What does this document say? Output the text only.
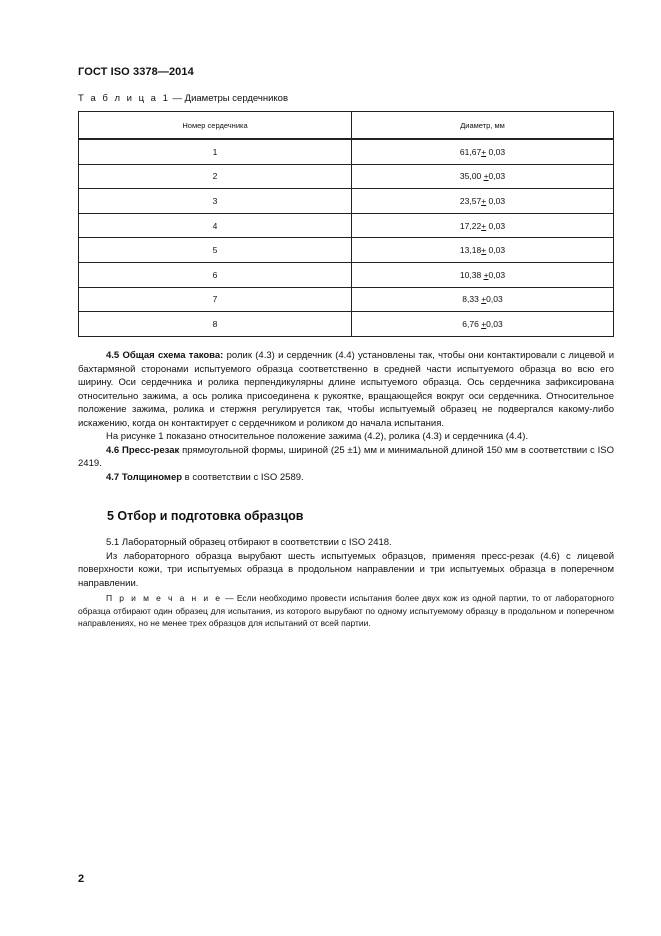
ГОСТ ISO 3378—2014
Т а б л и ц а 1 — Диаметры сердечников
Номер сердечника	Диаметр, мм
1	61,67+ 0,03
2	35,00 +0,03
3	23,57+ 0,03
4	17,22+ 0,03
5	13,18+ 0,03
6	10,38 +0,03
7	8,33 +0,03
8	6,76 +0,03

4.5 Общая схема такова: ролик (4.3) и сердечник (4.4) установлены так, чтобы они контактировали с лицевой и бахтармяной сторонами испытуемого образца соответственно в средней части испытуемого образца во всю его ширину. Оси сердечника и ролика перпендикулярны длине испытуемого образца. Ось сердечника зафиксирована относительно зажима, а ось ролика присоединена к рукоятке, вращающейся вокруг оси сердечника. Относительное положение зажима, ролика и стержня регулируется так, чтобы испытуемый образец не подвергался какому-либо искажению, когда он контактирует с сердечником и роликом до начала испытания.

На рисунке 1 показано относительное положение зажима (4.2), ролика (4.3) и сердечника (4.4).

4.6 Пресс-резак прямоугольной формы, шириной (25 ±1) мм и минимальной длиной 150 мм в соответствии с ISO 2419.

4.7 Толщиномер в соответствии с ISO 2589.

5 Отбор и подготовка образцов

5.1 Лабораторный образец отбирают в соответствии с ISO 2418.

Из лабораторного образца вырубают шесть испытуемых образцов, применяя пресс-резак (4.6) с лицевой поверхности кожи, три испытуемых образца в продольном направлении и три испытуемых образца в поперечном направлении.

П р и м е ч а н и е — Если необходимо провести испытания более двух кож из одной партии, то от лабораторного образца отбирают один образец для испытания, из которого вырубают по одному испытуемому образцу в продольном и поперечном направлениях, но не менее трех образцов для испытаний от всей партии.

2
